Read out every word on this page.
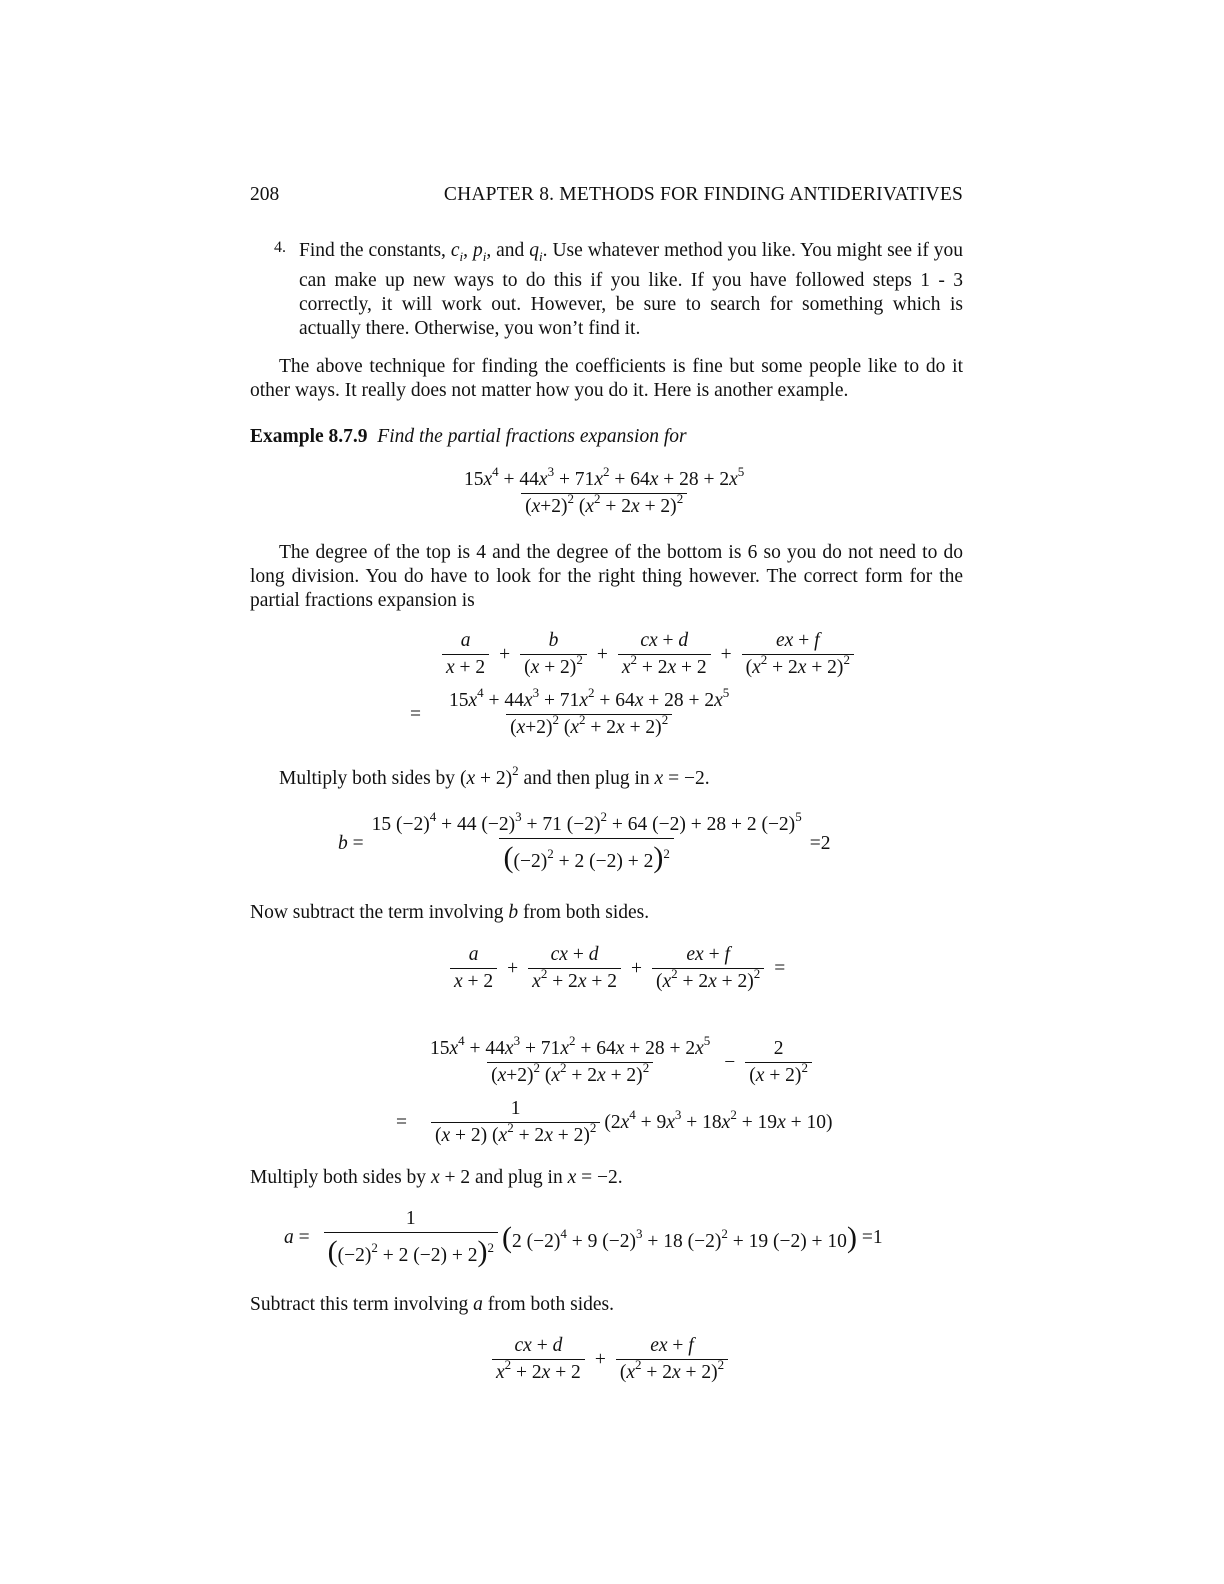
208	CHAPTER 8. METHODS FOR FINDING ANTIDERIVATIVES
4. Find the constants, $c_i$, $p_i$, and $q_i$. Use whatever method you like. You might see if you can make up new ways to do this if you like. If you have followed steps 1 - 3 correctly, it will work out. However, be sure to search for something which is actually there. Otherwise, you won’t find it.
The above technique for finding the coefficients is fine but some people like to do it other ways. It really does not matter how you do it. Here is another example.
Example 8.7.9 Find the partial fractions expansion for
$\frac{15x^4 + 44x^3 + 71x^2 + 64x + 28 + 2x^5}{(x+2)^2 (x^2 + 2x + 2)^2}$
The degree of the top is 4 and the degree of the bottom is 6 so you do not need to do long division. You do have to look for the right thing however. The correct form for the partial fractions expansion is
$\frac{a}{x + 2} + \frac{b}{(x + 2)^2} + \frac{cx + d}{x^2 + 2x + 2} + \frac{ex + f}{(x^2 + 2x + 2)^2}$
= $\frac{15x^4 + 44x^3 + 71x^2 + 64x + 28 + 2x^5}{(x+2)^2 (x^2 + 2x + 2)^2}$
Multiply both sides by $(x + 2)^2$ and then plug in x = −2.
$b = \frac{15 (-2)^4 + 44 (-2)^3 + 71 (-2)^2 + 64 (-2) + 28 + 2 (-2)^5}{((-2)^2 + 2 (-2) + 2)^2} = 2$
Now subtract the term involving b from both sides.
$\frac{a}{x + 2} + \frac{cx + d}{x^2 + 2x + 2} + \frac{ex + f}{(x^2 + 2x + 2)^2}$ =
$\frac{15x^4 + 44x^3 + 71x^2 + 64x + 28 + 2x^5}{(x+2)^2 (x^2 + 2x + 2)^2} - \frac{2}{(x + 2)^2}$
= $\frac{1}{(x + 2) (x^2 + 2x + 2)^2} (2x^4 + 9x^3 + 18x^2 + 19x + 10)$
Multiply both sides by x + 2 and plug in x = −2.
$a = \frac{1}{((-2)^2 + 2 (-2) + 2)^2} (2$ $(-2)^4 + 9$ $(-2)^3 + 18$ $(-2)^2 + 19$ (−2) + 10) = 1
Subtract this term involving a from both sides.
$\frac{cx + d}{x^2 + 2x + 2} + \frac{ex + f}{(x^2 + 2x + 2)^2}$
